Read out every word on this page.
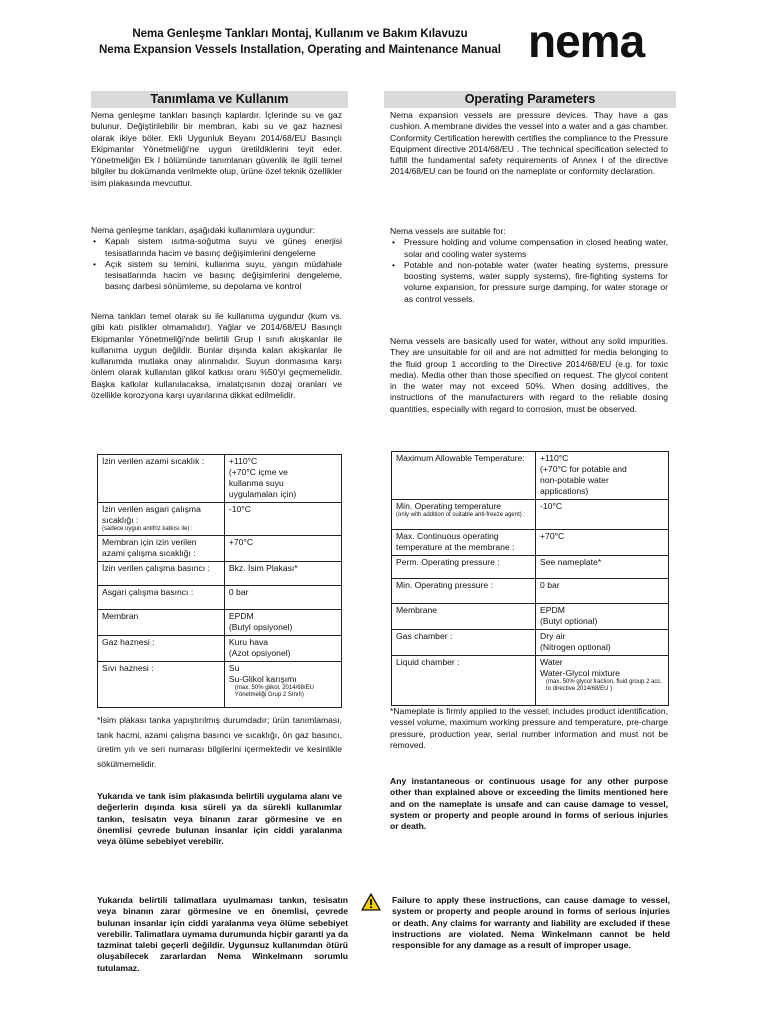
Nema Genleşme Tankları Montaj, Kullanım ve Bakım Kılavuzu
Nema Expansion Vessels Installation, Operating and Maintenance Manual nema
Tanımlama ve Kullanım	Operating Parameters
Nema genleşme tankları basınçlı kaplardır. İçlerinde su ve gaz bulunur. Değiştirilebilir bir membran, kabı su ve gaz haznesi olarak ikiye böler. Ekli Uygunluk Beyanı 2014/68/EU Basınçlı Ekipmanlar Yönetmeliği'ne uygun üretildiklerini teyit eder. Yönetmeliğin Ek I bölümünde tanımlanan güvenlik ile ilgili temel bilgiler bu dokümanda verilmekte olup, ürüne özel teknik özellikler isim plakasında mevcuttur.
Nema genleşme tankları, aşağıdaki kullanımlara uygundur:
• Kapalı sistem ısıtma-soğutma suyu ve güneş enerjisi tesisatlarında hacim ve basınç değişimlerini dengeleme
• Açık sistem su temini, kullanma suyu, yangın müdahale tesisatlarında hacim ve basınç değişimlerini dengeleme, basınç darbesi sönümleme, su depolama ve kontrol
Nema tankları temel olarak su ile kullanıma uygundur (kum vs. gibi katı pislikler olmamalıdır). Yağlar ve 2014/68/EU Basınçlı Ekipmanlar Yönetmeliği'nde belirtili Grup I sınıfı akışkanlar ile kullanıma uygun değildir. Bunlar dışında kalan akışkanlar ile kullanımda mutlaka onay alınmalıdır. Suyun donmasına karşı önlem olarak kullanılan glikol katkısı oranı %50'yi geçmemelidir. Başka katkılar kullanılacaksa, imalatçısının dozaj oranları ve özellikle korozyona karşı uyarılarına dikkat edilmelidir.
Nema expansion vessels are pressure devices. Thay have a gas cushion. A membrane divides the vessel into a water and a gas chamber. Conformity Certification herewith certifies the compliance to the Pressure Equipment directive 2014/68/EU . The technical specification selected to fulfill the fundamental safety requirements of Annex I of the directive 2014/68/EU can be found on the nameplate or conformity declaration.
Nema vessels are suitable for:
• Pressure holding and volume compensation in closed heating water, solar and cooling water systems
• Potable and non-potable water (water heating systems, pressure boosting systems, water supply systems), fire-fighting systems for volume expansion, for pressure surge damping, for water storage or as control vessels.
Nema vessels are basically used for water, without any solid impurities. They are unsuitable for oil and are not admitted for media belonging to the fluid group 1 according to the Directive 2014/68/EU (e.g. for toxic media). Media other than those specified on request. The glycol content in the water may not exceed 50%. When dosing additives, the instructions of the manufacturers with regard to the reliable dosing quantities, especially with regard to corrosion, must be observed.
İzin verilen azami sıcaklık :	+110°C
(+70°C içme ve
kullanma suyu
uygulamaları için)

İzin verilen asgari çalışma sıcaklığı :
(sadece uygun antifriz katkısı ile) :	-10°C

Membran için izin verilen azami çalışma sıcaklığı :	+70°C

İzin verilen çalışma basıncı :	Bkz. İsim Plakası*

Asgari çalışma basıncı :	0 bar

Membran	EPDM
(Butyl opsiyonel)

Gaz haznesi :	Kuru hava
(Azot opsiyonel)

Sıvı haznesi :	Su
Su-Glikol karışımı
(max. 50% glikol, 2014/68/EU Yönetmeliği Grup 2 Sınıfı)
Maximum Allowable Temperature:	+110°C
(+70°C for potable and
non-potable water
applications)

Min. Operating temperature
(only with addition of suitable anti-freeze agent) :	-10°C

Max. Continuous operating temperature at the membrane :	+70°C

Perm. Operating pressure :	See nameplate*

Min. Operating pressure :	0 bar

Membrane	EPDM
(Butyl optional)

Gas chamber :	Dry air
(Nitrogen optional)

Liquid chamber :	Water
Water-Glycol mixture
(max. 50% glycol fraction, fluid group 2 acc. to directive 2014/68/EU )
*İsim plakası tanka yapıştırılmış durumdadır; ürün tanımlaması, tank hacmi, azami çalışma basıncı ve sıcaklığı, ön gaz basıncı, üretim yılı ve seri numarası bilgilerini içermektedir ve kesinlikle sökülmemelidir.
*Nameplate is firmly applied to the vessel; includes product identification, vessel volume, maximum working pressure and temperature, pre-charge pressure, production year, serial number information and must not be removed.
Yukarıda ve tank isim plakasında belirtili uygulama alanı ve değerlerin dışında kısa süreli ya da sürekli kullanımlar tankın, tesisatın veya binanın zarar görmesine ve en önemlisi çevrede bulunan insanlar için ciddi yaralanma veya ölüme sebebiyet verebilir.
Any instantaneous or continuous usage for any other purpose other than explained above or exceeding the limits mentioned here and on the nameplate is unsafe and can cause damage to vessel, system or property and people around in forms of serious injuries or death.
Yukarıda belirtili talimatlara uyulmaması tankın, tesisatın veya binanın zarar görmesine ve en önemlisi, çevrede bulunan insanlar için ciddi yaralanma veya ölüme sebebiyet verebilir. Talimatlara uymama durumunda hiçbir garanti ya da tazminat talebi geçerli değildir. Uygunsuz kullanımdan ötürü oluşabilecek zararlardan Nema Winkelmann sorumlu tutulamaz.
Failure to apply these instructions, can cause damage to vessel, system or property and people around in forms of serious injuries or death. Any claims for warranty and liability are excluded if these instructions are violated. Nema Winkelmann cannot be held responsible for any damage as a result of improper usage.
